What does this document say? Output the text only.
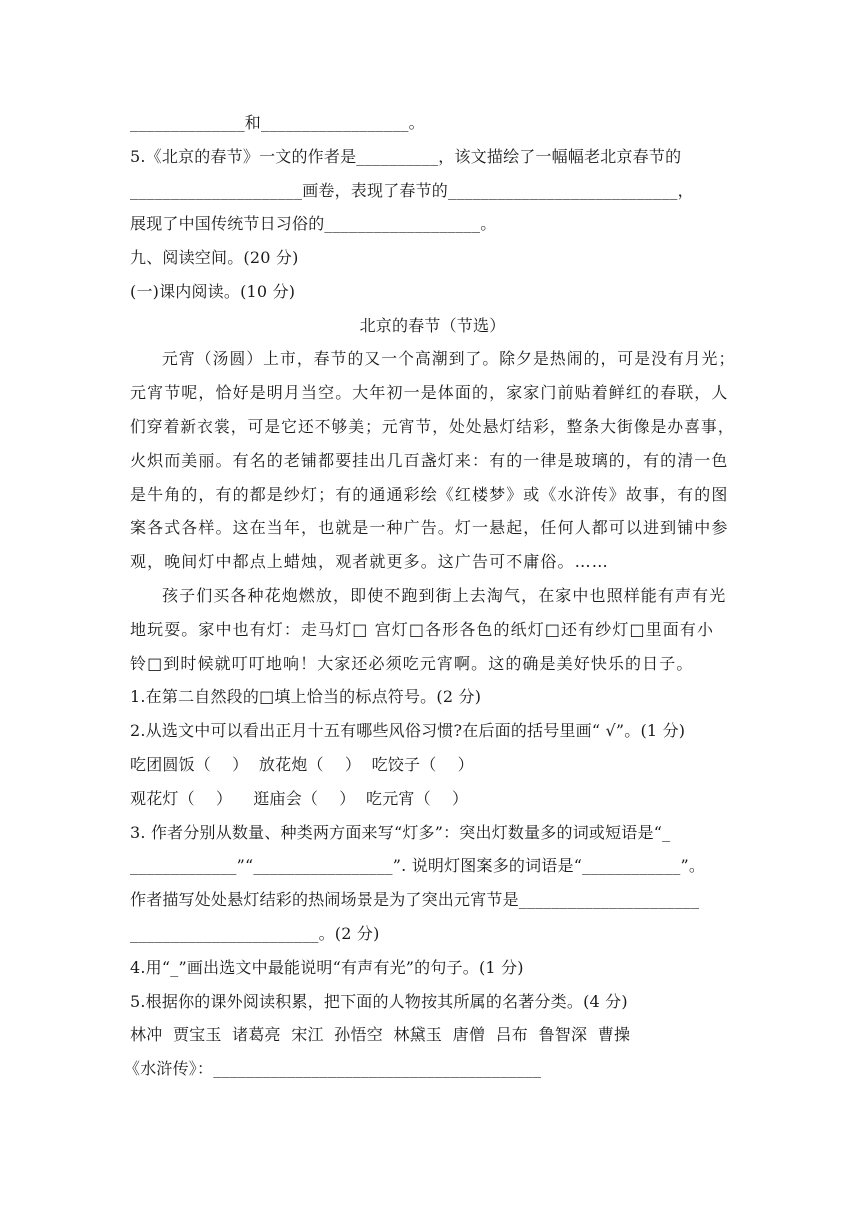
______________和__________________。
5.《北京的春节》一文的作者是__________，该文描绘了一幅幅老北京春节的
_____________________画卷，表现了春节的____________________________，
展现了中国传统节日习俗的___________________。
九、阅读空间。(20 分)
(一)课内阅读。(10 分)
北京的春节（节选）
元宵（汤圆）上市，春节的又一个高潮到了。除夕是热闹的，可是没有月光；
元宵节呢，恰好是明月当空。大年初一是体面的，家家门前贴着鲜红的春联，人
们穿着新衣裳，可是它还不够美；元宵节，处处悬灯结彩，整条大街像是办喜事，
火炽而美丽。有名的老铺都要挂出几百盏灯来：有的一律是玻璃的，有的清一色
是牛角的，有的都是纱灯；有的通通彩绘《红楼梦》或《水浒传》故事，有的图
案各式各样。这在当年，也就是一种广告。灯一悬起，任何人都可以进到铺中参
观，晚间灯中都点上蜡烛，观者就更多。这广告可不庸俗。……
孩子们买各种花炮燃放，即使不跑到街上去淘气，在家中也照样能有声有光
地玩耍。家中也有灯：走马灯□ 宫灯□各形各色的纸灯□还有纱灯□里面有小
铃□到时候就叮叮地响！大家还必须吃元宵啊。这的确是美好快乐的日子。
1.在第二自然段的□填上恰当的标点符号。(2 分)
2.从选文中可以看出正月十五有哪些风俗习惯?在后面的括号里画“ √”。(1 分)
吃团圆饭（    ）  放花炮（    ）  吃饺子（    ）
观花灯（    ）    逛庙会（    ）  吃元宵（    ）
3. 作者分别从数量、种类两方面来写“灯多”：突出灯数量多的词或短语是“_
_____________”“_________________”. 说明灯图案多的词语是“____________”。
作者描写处处悬灯结彩的热闹场景是为了突出元宵节是______________________
_______________________。(2 分)
4.用“_”画出选文中最能说明“有声有光”的句子。(1 分)
5.根据你的课外阅读积累，把下面的人物按其所属的名著分类。(4 分)
林冲  贾宝玉  诸葛亮  宋江  孙悟空  林黛玉  唐僧  吕布  鲁智深  曹操
《水浒传》：________________________________________
